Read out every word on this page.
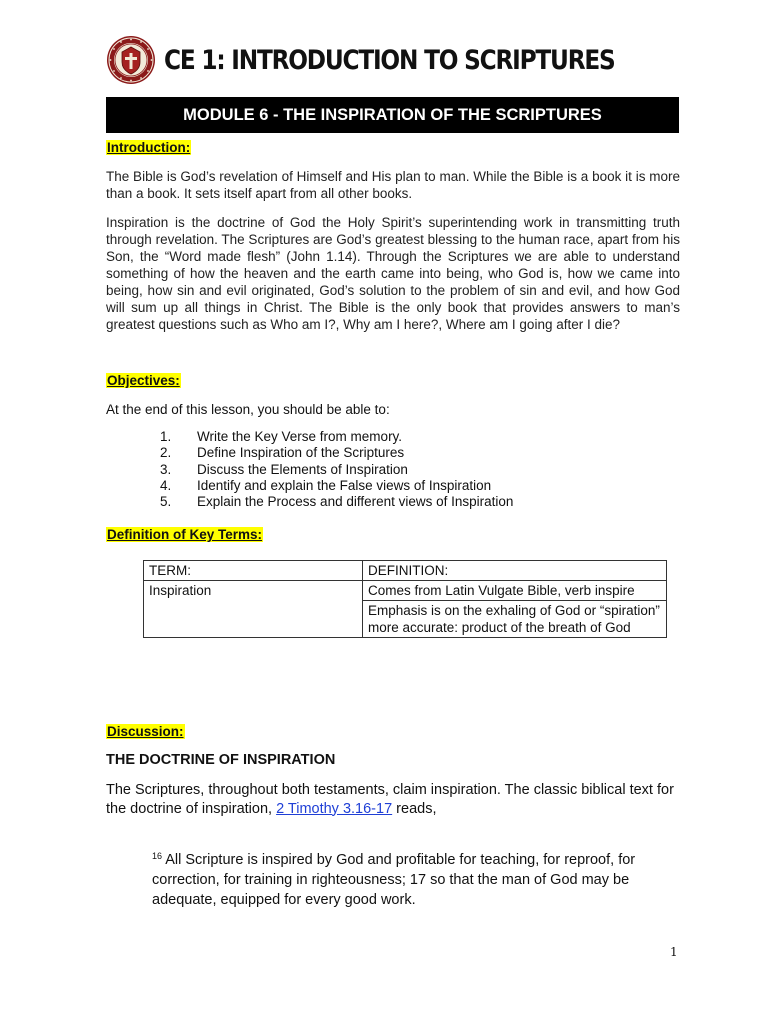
CE 1: INTRODUCTION TO SCRIPTURES
MODULE 6 - THE INSPIRATION OF THE SCRIPTURES
Introduction:

The Bible is God’s revelation of Himself and His plan to man. While the Bible is a book it is more than a book. It sets itself apart from all other books.

Inspiration is the doctrine of God the Holy Spirit’s superintending work in transmitting truth through revelation. The Scriptures are God’s greatest blessing to the human race, apart from his Son, the “Word made flesh” (John 1.14). Through the Scriptures we are able to understand something of how the heaven and the earth came into being, who God is, how we came into being, how sin and evil originated, God’s solution to the problem of sin and evil, and how God will sum up all things in Christ. The Bible is the only book that provides answers to man’s greatest questions such as Who am I?, Why am I here?, Where am I going after I die?

Objectives:

At the end of this lesson, you should be able to:

1.	Write the Key Verse from memory.
2.	Define Inspiration of the Scriptures
3.	Discuss the Elements of Inspiration
4.	Identify and explain the False views of Inspiration
5.	Explain the Process and different views of Inspiration
Definition of Key Terms:
TERM:	DEFINITION:
Inspiration	Comes from Latin Vulgate Bible, verb inspire
	Emphasis is on the exhaling of God or “spiration” more accurate: product of the breath of God
Discussion:

THE DOCTRINE OF INSPIRATION

The Scriptures, throughout both testaments, claim inspiration. The classic biblical text for the doctrine of inspiration, 2 Timothy 3.16-17 reads,

$^{16}$ All Scripture is inspired by God and profitable for teaching, for reproof, for correction, for training in righteousness; 17 so that the man of God may be adequate, equipped for every good work.

1
